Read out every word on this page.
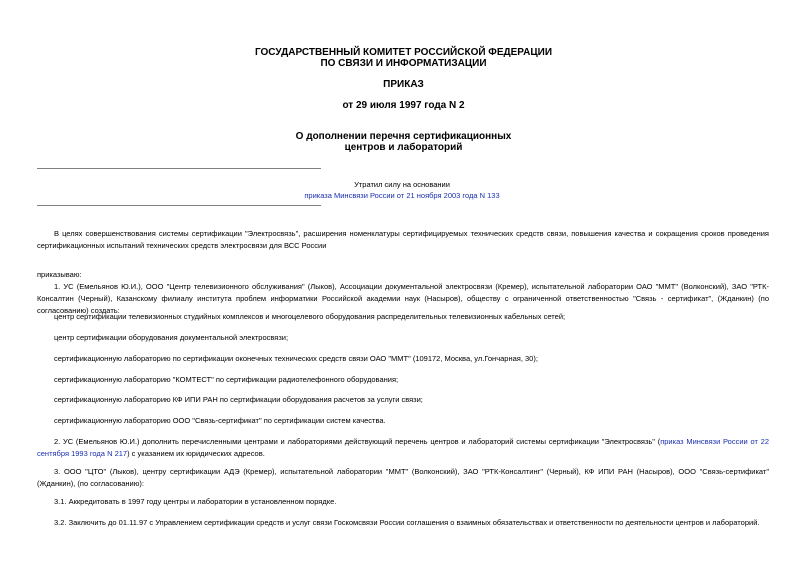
ГОСУДАРСТВЕННЫЙ КОМИТЕТ РОССИЙСКОЙ ФЕДЕРАЦИИ
ПО СВЯЗИ И ИНФОРМАТИЗАЦИИ
ПРИКАЗ
от 29 июля 1997 года N 2
О дополнении перечня сертификационных
центров и лабораторий
Утратил силу на основании
приказа Минсвязи России от 21 ноября 2003 года N 133
В целях совершенствования системы сертификации "Электросвязь", расширения номенклатуры сертифицируемых технических средств связи, повышения качества и сокращения сроков проведения сертификационных испытаний технических средств электросвязи для ВСС России
приказываю:
1. УС (Емельянов Ю.И.), ООО "Центр телевизионного обслуживания" (Лыков), Ассоциации документальной электросвязи (Кремер), испытательной лаборатории ОАО "ММТ" (Волконский), ЗАО "РТК-Консалтин (Черный), Казанскому филиалу института проблем информатики Российской академии наук (Насыров), обществу с ограниченной ответственностью "Связь - сертификат", (Жданкин) (по согласованию) создать:
центр сертификации телевизионных студийных комплексов и многоцелевого оборудования распределительных телевизионных кабельных сетей;
центр сертификации оборудования документальной электросвязи;
сертификационную лабораторию по сертификации оконечных технических средств связи ОАО "ММТ" (109172, Москва, ул.Гончарная, 30);
сертификационную лабораторию "КОМТЕСТ" по сертификации радиотелефонного оборудования;
сертификационную лабораторию КФ ИПИ РАН по сертификации оборудования расчетов за услуги связи;
сертификационную лабораторию ООО "Связь-сертификат" по сертификации систем качества.
2. УС (Емельянов Ю.И.) дополнить перечисленными центрами и лабораториями действующий перечень центров и лабораторий системы сертификации "Электросвязь" (приказ Минсвязи России от 22 сентября 1993 года N 217) с указанием их юридических адресов.
3. ООО "ЦТО" (Лыков), центру сертификации АДЭ (Кремер), испытательной лаборатории "ММТ" (Волконский), ЗАО "РТК-Консалтинг" (Черный), КФ ИПИ РАН (Насыров), ООО "Связь-сертификат" (Жданкин), (по согласованию):
3.1. Аккредитовать в 1997 году центры и лаборатории в установленном порядке.
3.2. Заключить до 01.11.97 с Управлением сертификации средств и услуг связи Госкомсвязи России соглашения о взаимных обязательствах и ответственности по деятельности центров и лабораторий.
